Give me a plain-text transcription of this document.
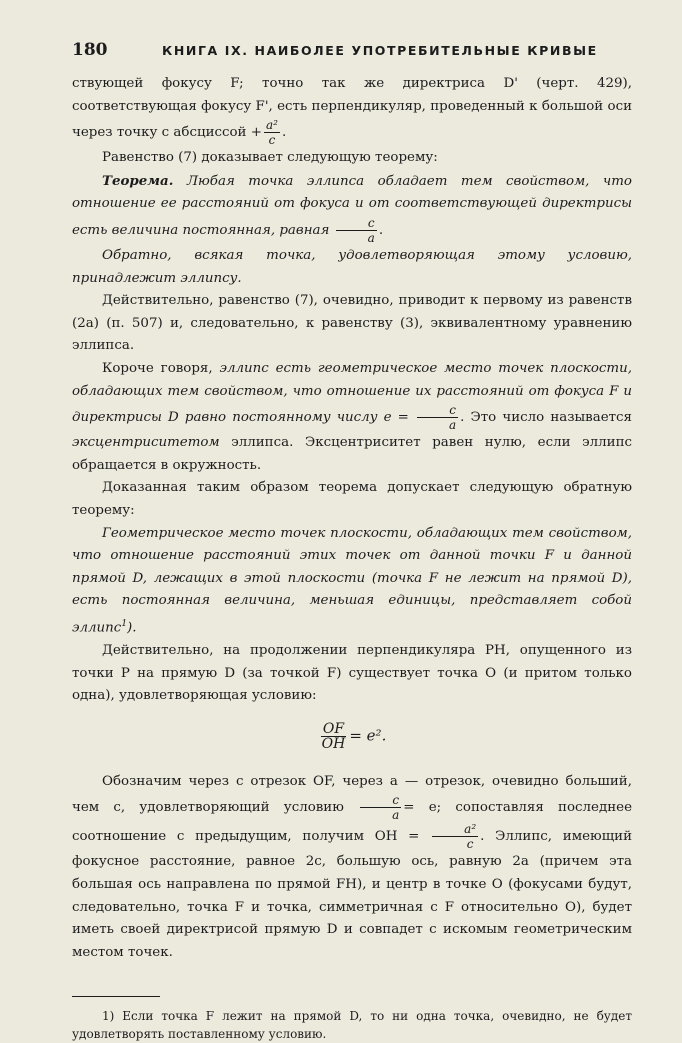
180	КНИГА IX. НАИБОЛЕЕ УПОТРЕБИТЕЛЬНЫЕ КРИВЫЕ

ствующей фокусу F; точно так же директриса D' (черт. 429), соответствующая фокусу F', есть перпендикуляр, проведенный к большой оси через точку с абсциссой + $\frac{\text{a²}}{c}$ .

Равенство (7) доказывает следующую теорему:

Теорема. Любая точка эллипса обладает тем свойством, что отношение ее расстояний от фокуса и от соответствующей директрисы есть величина постоянная, равная $\frac{c}{a}$ .

Обратно, всякая точка, удовлетворяющая этому условию, принадлежит эллипсу.

Действительно, равенство (7), очевидно, приводит к первому из равенств (2a) (п. 507) и, следовательно, к равенству (3), эквивалентному уравнению эллипса.

Короче говоря, эллипс есть геометрическое место точек плоскости, обладающих тем свойством, что отношение их расстояний от фокуса F и директрисы D равно постоянному числу $e = \frac{c}{a}$ . Это число называется эксцентриситетом эллипса. Эксцентриситет равен нулю, если эллипс обращается в окружность.

Доказанная таким образом теорема допускает следующую обратную теорему:

Геометрическое место точек плоскости, обладающих тем свойством, что отношение расстояний этих точек от данной точки F и данной прямой D, лежащих в этой плоскости (точка F не лежит на прямой D), есть постоянная величина, меньшая единицы, представляет собой эллипс$^1$).

Действительно, на продолжении перпендикуляра PH, опущенного из точки P на прямую D (за точкой F) существует точка O (и притом только одна), удовлетворяющая условию:

$\frac{OF}{OH} = e^2$.

Обозначим через c отрезок OF, через a — отрезок, очевидно больший, чем c, удовлетворяющий условию $\frac{c}{a} = e$; сопоставляя последнее соотношение с предыдущим, получим OH = $\frac{\text{a²}}{c}$ . Эллипс, имеющий фокусное расстояние, равное 2c, большую ось, равную 2a (причем эта большая ось направлена по прямой FH), и центр в точке O (фокусами будут, следовательно, точка F и точка, симметричная с F относительно O), будет иметь своей директрисой прямую D и совпадет с искомым геометрическим местом точек.

1) Если точка F лежит на прямой D, то ни одна точка, очевидно, не будет удовлетворять поставленному условию.
